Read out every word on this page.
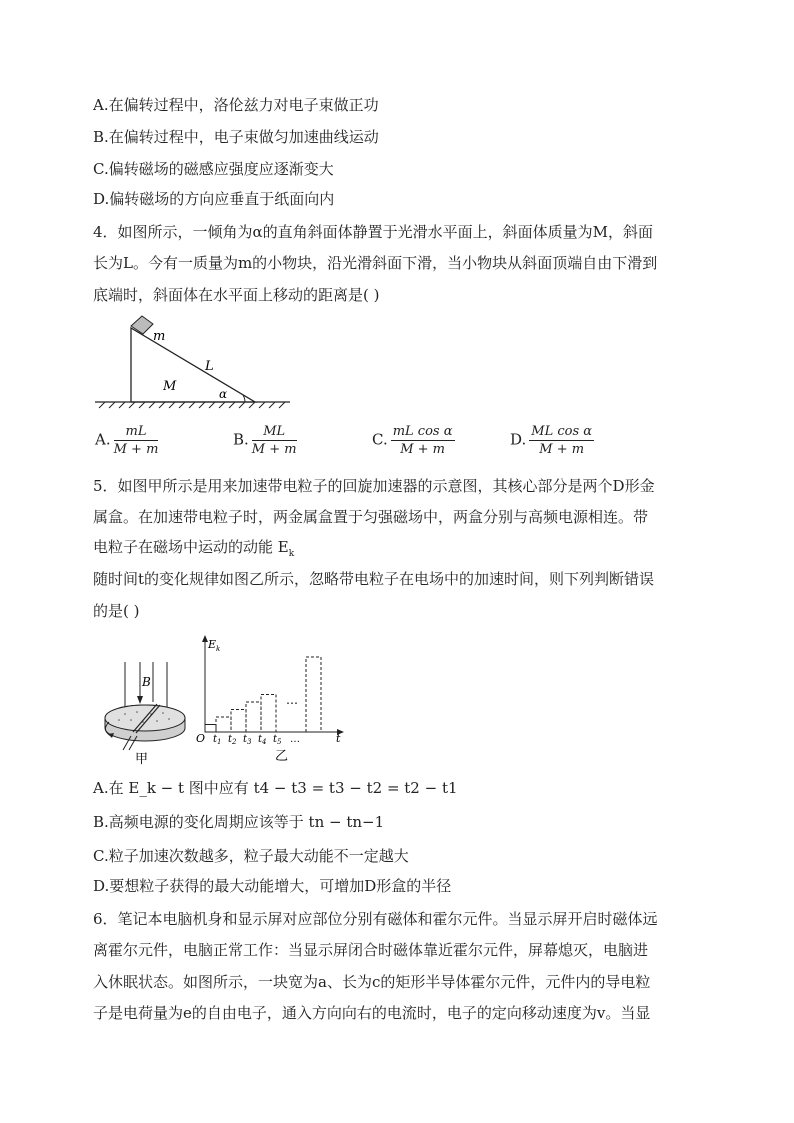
A.在偏转过程中，洛伦兹力对电子束做正功
B.在偏转过程中，电子束做匀加速曲线运动
C.偏转磁场的磁感应强度应逐渐变大
D.偏转磁场的方向应垂直于纸面向内
4．如图所示，一倾角为α的直角斜面体静置于光滑水平面上，斜面体质量为M，斜面
长为L。今有一质量为m的小物块，沿光滑斜面下滑，当小物块从斜面顶端自由下滑到
底端时，斜面体在水平面上移动的距离是( )
m
L
M	α
A. $\frac{mL}{M + m}$	B. $\frac{ML}{M + m}$	C. $\frac{\text{mL cos α}}{M + m}$	D. $\frac{\text{ML cos α}}{M + m}$
5．如图甲所示是用来加速带电粒子的回旋加速器的示意图，其核心部分是两个D形金
属盒。在加速带电粒子时，两金属盒置于匀强磁场中，两盒分别与高频电源相连。带
电粒子在磁场中运动的动能 $E_k$
随时间t的变化规律如图乙所示，忽略带电粒子在电场中的加速时间，则下列判断错误
的是( )
B
甲
$t_1$ $t_2$ $t_3$ $t_4$ $t_5$
$E_k$
O	t
…
…
乙
A.在 E_k − t 图中应有 t4 − t3 = t3 − t2 = t2 − t1
B.高频电源的变化周期应该等于 tn − tn−1
C.粒子加速次数越多，粒子最大动能不一定越大
D.要想粒子获得的最大动能增大，可增加D形盒的半径
6．笔记本电脑机身和显示屏对应部位分别有磁体和霍尔元件。当显示屏开启时磁体远
离霍尔元件，电脑正常工作：当显示屏闭合时磁体靠近霍尔元件，屏幕熄灭，电脑进
入休眠状态。如图所示，一块宽为a、长为c的矩形半导体霍尔元件，元件内的导电粒
子是电荷量为e的自由电子，通入方向向右的电流时，电子的定向移动速度为v。当显
